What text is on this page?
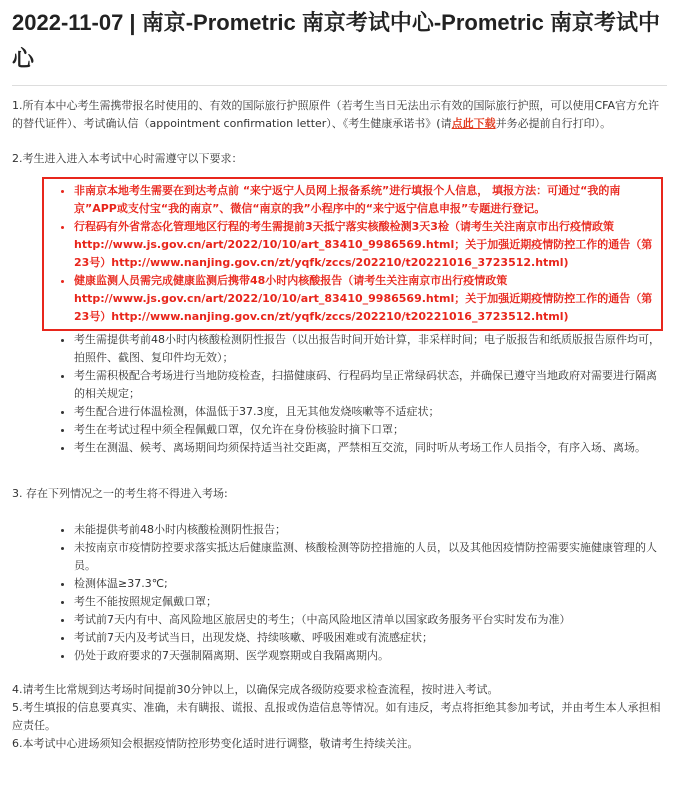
2022-11-07 | 南京-Prometric 南京考试中心-Prometric 南京考试中心

1.所有本中心考生需携带报名时使用的、有效的国际旅行护照原件（若考生当日无法出示有效的国际旅行护照，可以使用CFA官方允许的替代证件）、考试确认信（appointment confirmation letter）、《考生健康承诺书》(请点此下载并务必提前自行打印）。

2.考生进入进入本考试中心时需遵守以下要求：

• 非南京本地考生需要在到达考点前 “来宁返宁人员网上报备系统”进行填报个人信息， 填报方法：可通过“我的南京”APP或支付宝“我的南京”、微信“南京的我”小程序中的“来宁返宁信息申报”专题进行登记。
• 行程码有外省常态化管理地区行程的考生需提前3天抵宁落实核酸检测3天3检（请考生关注南京市出行疫情政策http://www.js.gov.cn/art/2022/10/10/art_83410_9986569.html；关于加强近期疫情防控工作的通告（第23号）http://www.nanjing.gov.cn/zt/yqfk/zccs/202210/t20221016_3723512.html)
• 健康监测人员需完成健康监测后携带48小时内核酸报告（请考生关注南京市出行疫情政策http://www.js.gov.cn/art/2022/10/10/art_83410_9986569.html；关于加强近期疫情防控工作的通告（第23号）http://www.nanjing.gov.cn/zt/yqfk/zccs/202210/t20221016_3723512.html)
• 考生需提供考前48小时内核酸检测阴性报告（以出报告时间开始计算，非采样时间；电子版报告和纸质版报告原件均可，拍照件、截图、复印件均无效）；
• 考生需积极配合考场进行当地防疫检查，扫描健康码、行程码均呈正常绿码状态，并确保已遵守当地政府对需要进行隔离的相关规定；
• 考生配合进行体温检测，体温低于37.3度，且无其他发烧咳嗽等不适症状；
• 考生在考试过程中须全程佩戴口罩，仅允许在身份核验时摘下口罩；
• 考生在测温、候考、离场期间均须保持适当社交距离，严禁相互交流，同时听从考场工作人员指令，有序入场、离场。

3. 存在下列情况之一的考生将不得进入考场:

• 未能提供考前48小时内核酸检测阴性报告；
• 未按南京市疫情防控要求落实抵达后健康监测、核酸检测等防控措施的人员，以及其他因疫情防控需要实施健康管理的人员。
• 检测体温≥37.3℃;
• 考生不能按照规定佩戴口罩；
• 考试前7天内有中、高风险地区旅居史的考生；（中高风险地区清单以国家政务服务平台实时发布为准）
• 考试前7天内及考试当日，出现发烧、持续咳嗽、呼吸困难或有流感症状；
• 仍处于政府要求的7天强制隔离期、医学观察期或自我隔离期内。

4.请考生比常规到达考场时间提前30分钟以上，以确保完成各级防疫要求检查流程，按时进入考试。

5.考生填报的信息要真实、准确，未有瞒报、谎报、乱报或伪造信息等情况。如有违反，考点将拒绝其参加考试，并由考生本人承担相应责任。

6.本考试中心进场须知会根据疫情防控形势变化适时进行调整，敬请考生持续关注。
